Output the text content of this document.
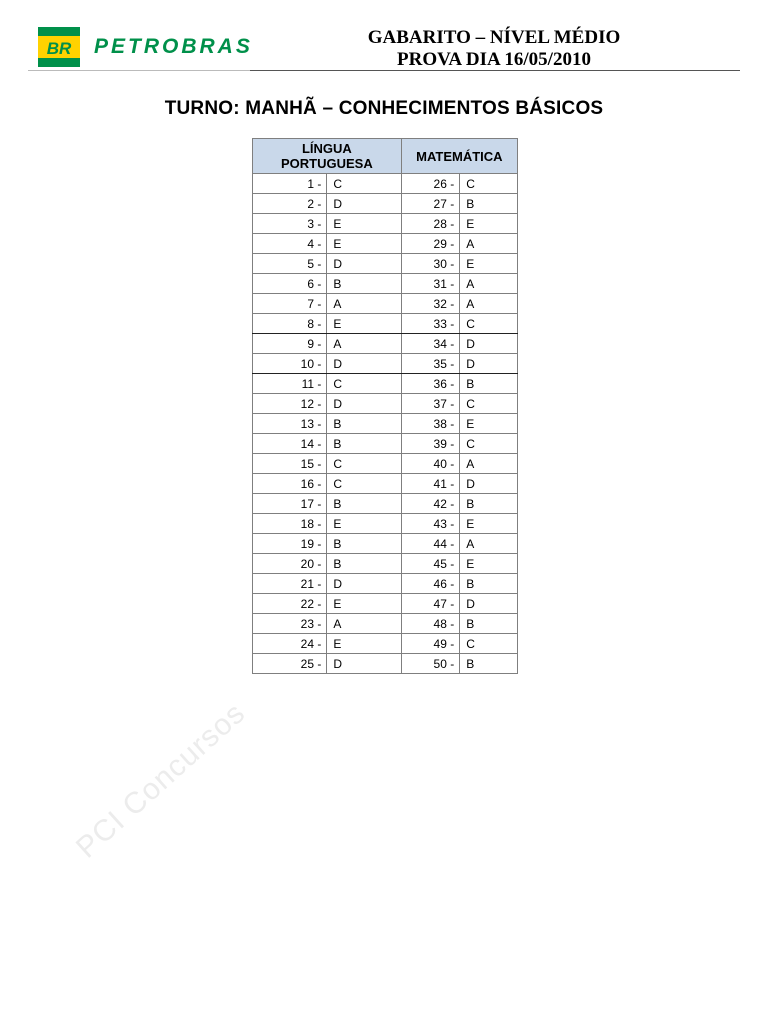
BR PETROBRAS	GABARITO – NÍVEL MÉDIO
PROVA DIA 16/05/2010
TURNO: MANHÃ – CONHECIMENTOS BÁSICOS
LÍNGUA PORTUGUESA		MATEMÁTICA	
1 -	C	26 -	C
2 -	D	27 -	B
3 -	E	28 -	E
4 -	E	29 -	A
5 -	D	30 -	E
6 -	B	31 -	A
7 -	A	32 -	A
8 -	E	33 -	C
9 -	A	34 -	D
10 -	D	35 -	D
11 -	C	36 -	B
12 -	D	37 -	C
13 -	B	38 -	E
14 -	B	39 -	C
15 -	C	40 -	A
16 -	C	41 -	D
17 -	B	42 -	B
18 -	E	43 -	E
19 -	B	44 -	A
20 -	B	45 -	E
21 -	D	46 -	B
22 -	E	47 -	D
23 -	A	48 -	B
24 -	E	49 -	C
25 -	D	50 -	B
PCI Concursos
